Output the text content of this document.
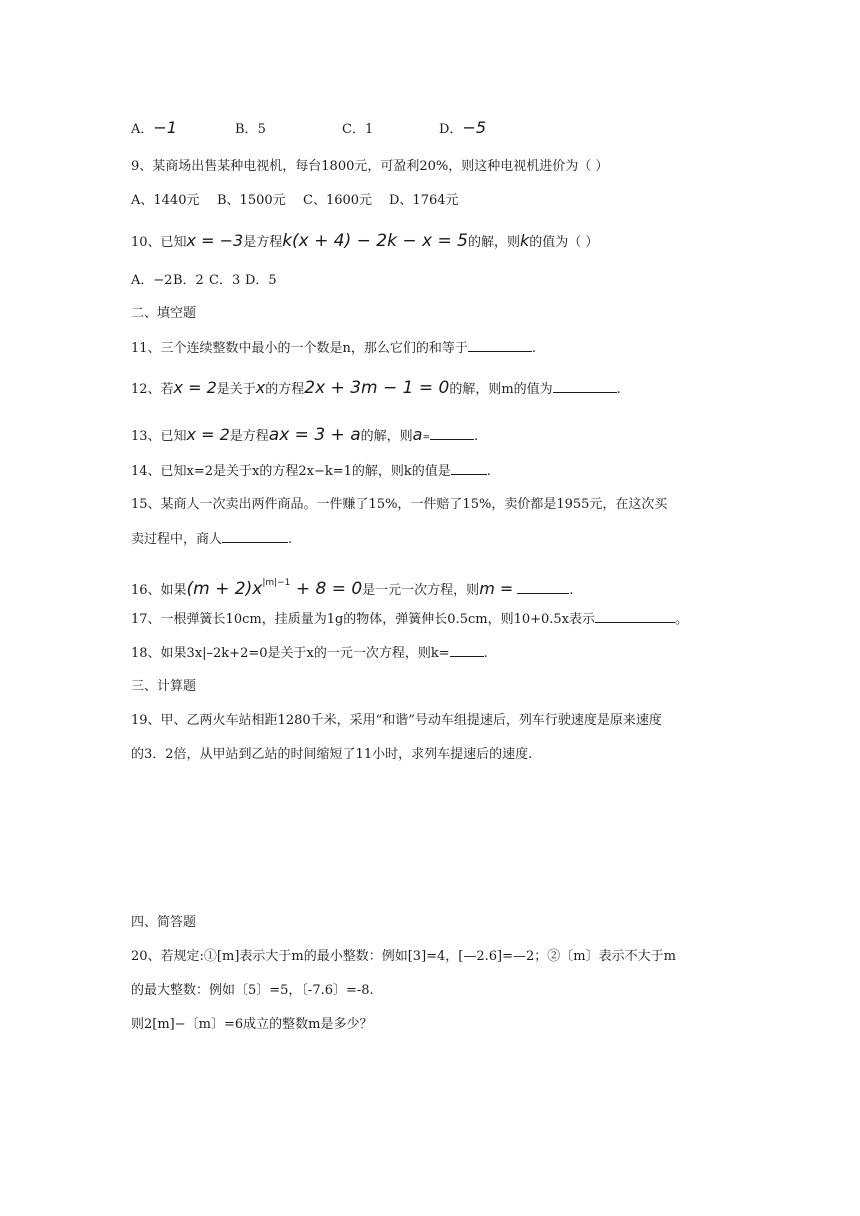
A．−1	B．5	C．1	D．−5
9、某商场出售某种电视机，每台1800元，可盈利20%，则这种电视机进价为（ ）
A、1440元 B、1500元 C、1600元 D、1764元
10、已知x = −3是方程k(x + 4) − 2k − x = 5的解，则k的值为（ ）
A．−2B．2 C．3 D．5
二、填空题
11、三个连续整数中最小的一个数是n，那么它们的和等于	.
12、若x = 2是关于x的方程2x + 3m − 1 = 0的解，则m的值为	.
13、已知x = 2是方程ax = 3 + a的解，则a=	.
14、已知x=2是关于x的方程2x−k=1的解，则k的值是	.
15、某商人一次卖出两件商品。一件赚了15%，一件赔了15%，卖价都是1955元，在这次买
卖过程中，商人	.
16、如果$(m + 2)x^{|m|-1} + 8 = 0$是一元一次方程，则m =	.
17、一根弹簧长10cm，挂质量为1g的物体，弹簧伸长0.5cm，则10+0.5x表示	。
18、如果3x|–2k+2=0是关于x的一元一次方程，则k=	.
三、计算题
19、甲、乙两火车站相距1280千米，采用“和谐”号动车组提速后，列车行驶速度是原来速度
的3．2倍，从甲站到乙站的时间缩短了11小时，求列车提速后的速度.
四、简答题
20、若规定:①[m]表示大于m的最小整数：例如[3]=4，[—2.6]=—2；②〔m〕表示不大于m
的最大整数：例如〔5〕=5，〔-7.6〕=-8.
则2[m]−〔m〕=6成立的整数m是多少？
